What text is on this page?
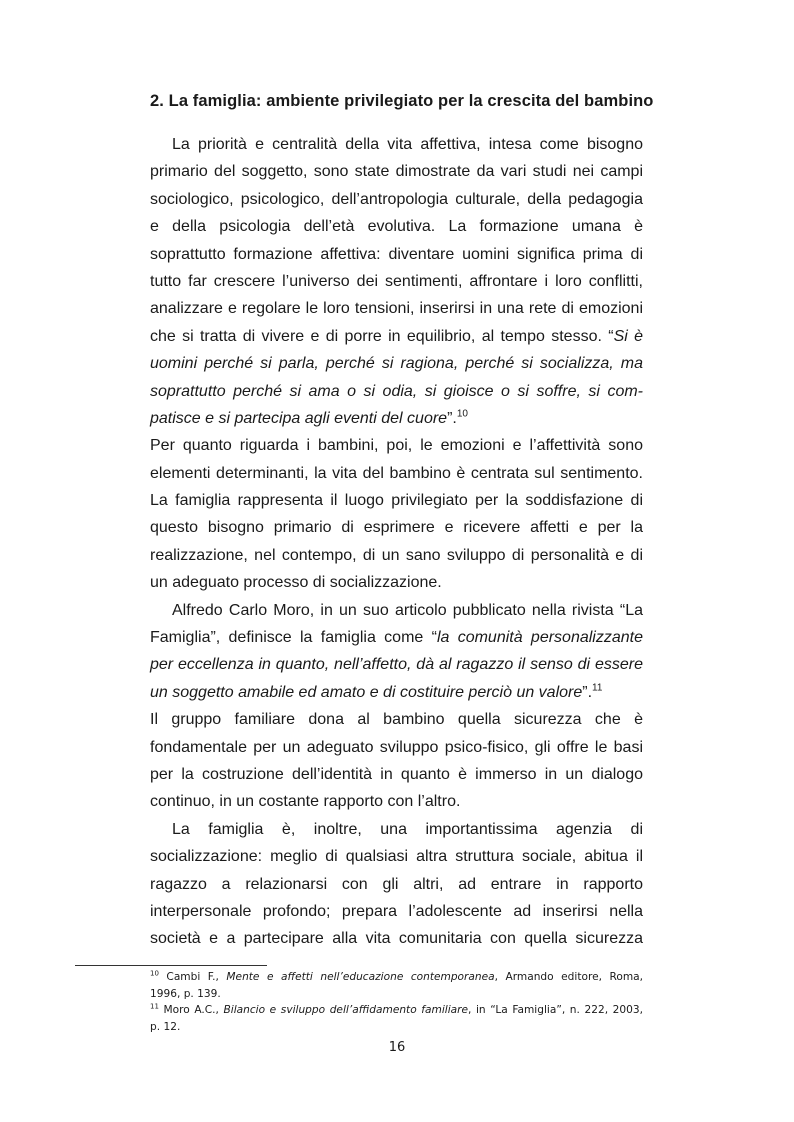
2. La famiglia: ambiente privilegiato per la crescita del bambino
La priorità e centralità della vita affettiva, intesa come bisogno
primario del soggetto, sono state dimostrate da vari studi nei campi
sociologico, psicologico, dell’antropologia culturale, della pedagogia
e della psicologia dell’età evolutiva. La formazione umana è
soprattutto formazione affettiva: diventare uomini significa prima di
tutto far crescere l’universo dei sentimenti, affrontare i loro conflitti,
analizzare e regolare le loro tensioni, inserirsi in una rete di emozioni
che si tratta di vivere e di porre in equilibrio, al tempo stesso. “Si è
uomini perché si parla, perché si ragiona, perché si socializza, ma
soprattutto perché si ama o si odia, si gioisce o si soffre, si com-
patisce e si partecipa agli eventi del cuore”.$^{10}$
Per quanto riguarda i bambini, poi, le emozioni e l’affettività sono
elementi determinanti, la vita del bambino è centrata sul sentimento.
La famiglia rappresenta il luogo privilegiato per la soddisfazione di
questo bisogno primario di esprimere e ricevere affetti e per la
realizzazione, nel contempo, di un sano sviluppo di personalità e di
un adeguato processo di socializzazione.
Alfredo Carlo Moro, in un suo articolo pubblicato nella rivista “La
Famiglia”, definisce la famiglia come “la comunità personalizzante
per eccellenza in quanto, nell’affetto, dà al ragazzo il senso di essere
un soggetto amabile ed amato e di costituire perciò un valore”.$^{11}$
Il gruppo familiare dona al bambino quella sicurezza che è
fondamentale per un adeguato sviluppo psico-fisico, gli offre le basi
per la costruzione dell’identità in quanto è immerso in un dialogo
continuo, in un costante rapporto con l’altro.
La famiglia è, inoltre, una importantissima agenzia di
socializzazione: meglio di qualsiasi altra struttura sociale, abitua il
ragazzo a relazionarsi con gli altri, ad entrare in rapporto
interpersonale profondo; prepara l’adolescente ad inserirsi nella
società e a partecipare alla vita comunitaria con quella sicurezza
$^{10}$ Cambi F., Mente e affetti nell’educazione contemporanea, Armando editore, Roma,
1996, p. 139.
$^{11}$ Moro A.C., Bilancio e sviluppo dell’affidamento familiare, in “La Famiglia”, n. 222, 2003,
p. 12.
16
